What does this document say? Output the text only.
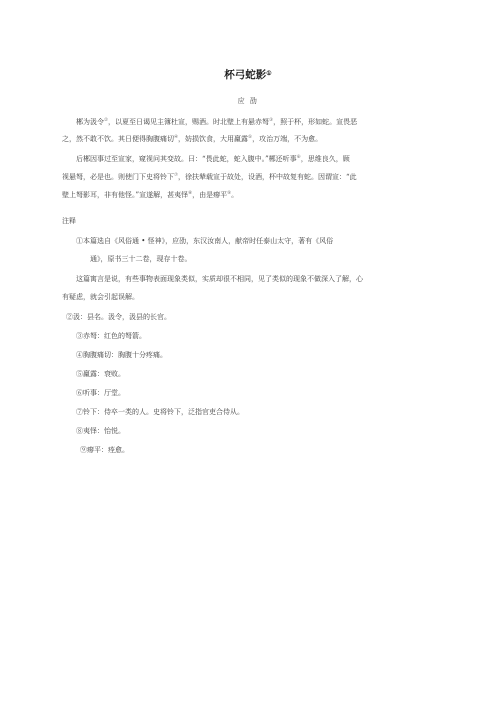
杯弓蛇影①
应 劭
郴为汲令②，以夏至日谒见主簿杜宣，赐酒。时北壁上有悬赤弩③，照于杯，形如蛇。宣畏恶
之，然不敢不饮。其日便得胸腹痛切④，妨损饮食，大用羸露⑤，攻治万端，不为愈。
后郴因事过至宣家，窥视问其变故。曰：“畏此蛇，蛇入腹中。”郴还听事⑥，思维良久，顾
视悬弩，必是也。则使门下史将铃下⑦，徐扶辇载宣于故处，设酒，杯中故复有蛇。因谓宣：“此
壁上弩影耳，非有他怪。”宣遂解，甚夷怿⑧，由是瘳平⑨。
注释
①本篇选自《风俗通 • 怪神》，应劭，东汉汝南人，献帝时任泰山太守，著有《风俗
通》，原书三十二卷，现存十卷。
这篇寓言是说，有些事物表面现象类似，实质却很不相同，见了类似的现象不做深入了解，心
有疑虑，就会引起误解。
②汲：县名。汲令，汲县的长官。
③赤弩：红色的弩箭。
④胸腹痛切：胸腹十分疼痛。
⑤羸露：衰败。
⑥听事：厅堂。
⑦铃下：侍卒一类的人。史将铃下，泛指官吏合侍从。
⑧夷怿：怡悦。
⑨瘳平：痊愈。
